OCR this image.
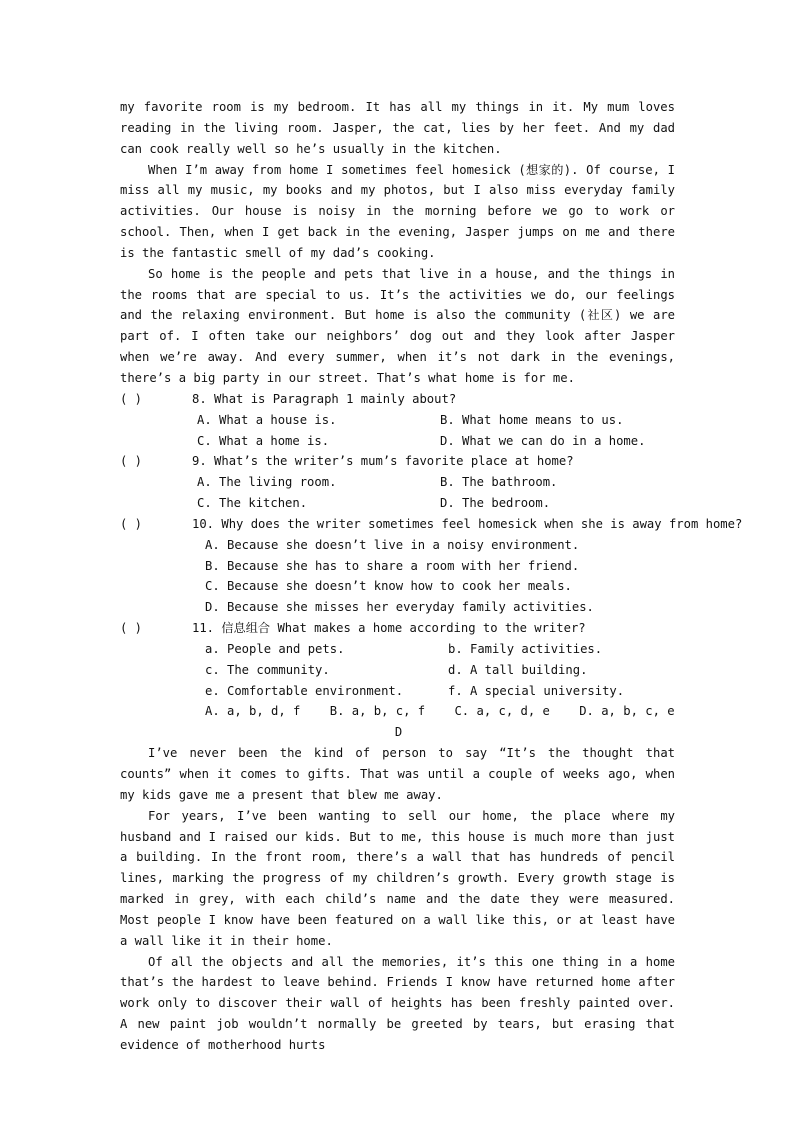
my favorite room is my bedroom. It has all my things in it. My mum loves reading in the living room. Jasper, the cat, lies by her feet. And my dad can cook really well so he’s usually in the kitchen.

When I’m away from home I sometimes feel homesick (想家的). Of course, I miss all my music, my books and my photos, but I also miss everyday family activities. Our house is noisy in the morning before we go to work or school. Then, when I get back in the evening, Jasper jumps on me and there is the fantastic smell of my dad’s cooking.

So home is the people and pets that live in a house, and the things in the rooms that are special to us. It’s the activities we do, our feelings and the relaxing environment. But home is also the community (社区) we are part of. I often take our neighbors’ dog out and they look after Jasper when we’re away. And every summer, when it’s not dark in the evenings, there’s a big party in our street. That’s what home is for me.

( )	8. What is Paragraph 1 mainly about?
A. What a house is.	B. What home means to us.
C. What a home is.	D. What we can do in a home.
( )	9. What’s the writer’s mum’s favorite place at home?
A. The living room.	B. The bathroom.
C. The kitchen.	D. The bedroom.
( )	10. Why does the writer sometimes feel homesick when she is away from home?
A. Because she doesn’t live in a noisy environment.
B. Because she has to share a room with her friend.
C. Because she doesn’t know how to cook her meals.
D. Because she misses her everyday family activities.
( )	11. 信息组合 What makes a home according to the writer?
a. People and pets.	b. Family activities.
c. The community.	d. A tall building.
e. Comfortable environment.	f. A special university.
A. a, b, d, f    B. a, b, c, f    C. a, c, d, e    D. a, b, c, e

D

I’ve never been the kind of person to say “It’s the thought that counts” when it comes to gifts. That was until a couple of weeks ago, when my kids gave me a present that blew me away.

For years, I’ve been wanting to sell our home, the place where my husband and I raised our kids. But to me, this house is much more than just a building. In the front room, there’s a wall that has hundreds of pencil lines, marking the progress of my children’s growth. Every growth stage is marked in grey, with each child’s name and the date they were measured. Most people I know have been featured on a wall like this, or at least have a wall like it in their home.

Of all the objects and all the memories, it’s this one thing in a home that’s the hardest to leave behind. Friends I know have returned home after work only to discover their wall of heights has been freshly painted over. A new paint job wouldn’t normally be greeted by tears, but erasing that evidence of motherhood hurts
